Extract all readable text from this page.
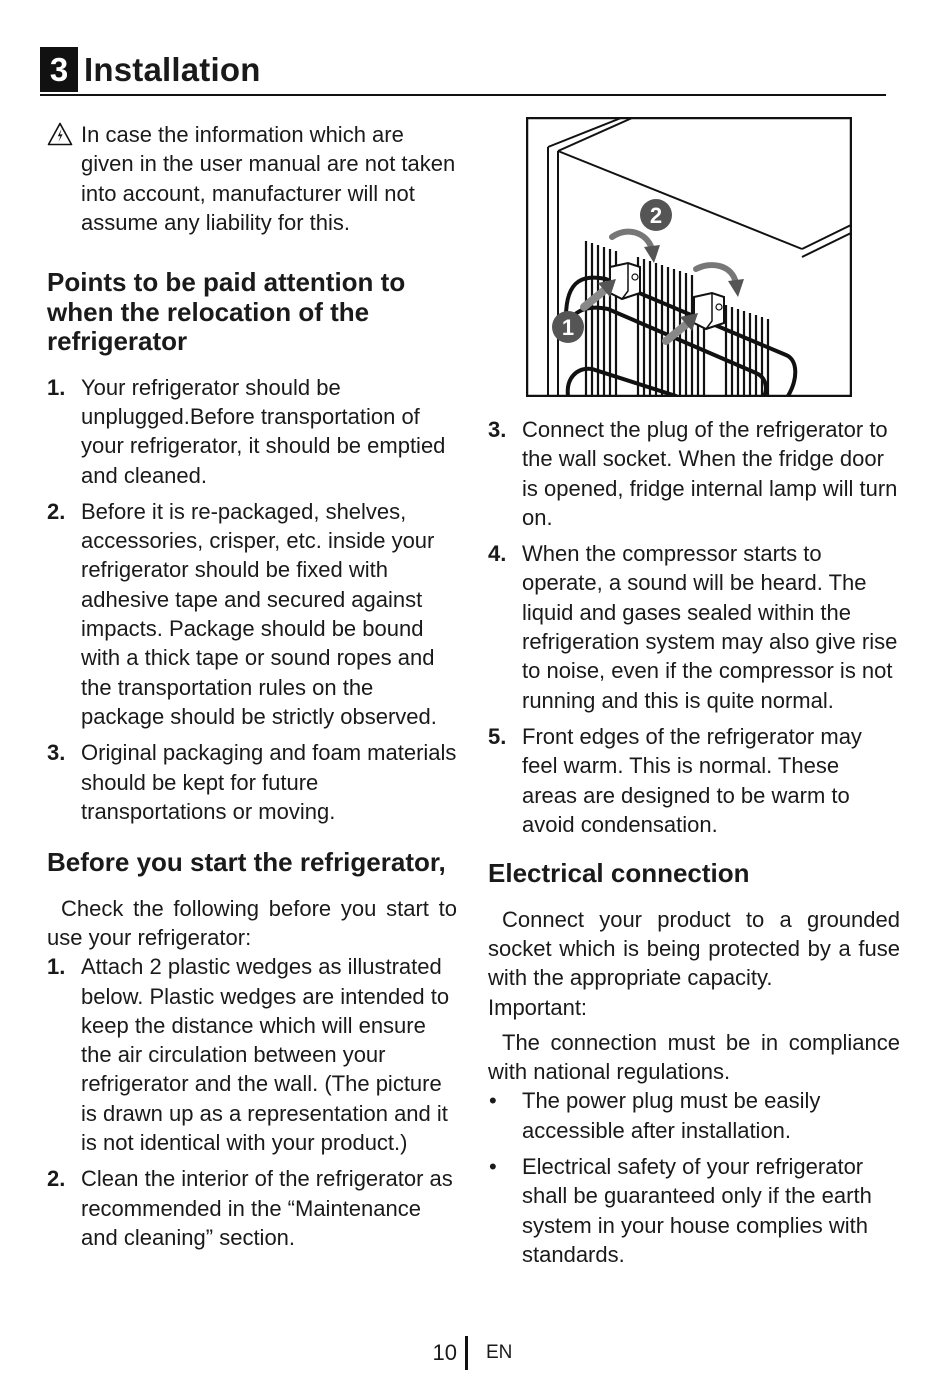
3 Installation
In case the information which are given in the user manual are not taken into account, manufacturer will not assume any liability for this.
Points to be paid attention to when the relocation of the refrigerator
1. Your refrigerator should be unplugged.Before transportation of your refrigerator, it should be emptied and cleaned.
2. Before it is re-packaged, shelves, accessories, crisper, etc. inside your refrigerator should be fixed with adhesive tape and secured against impacts. Package should be bound with a thick tape or sound ropes and the transportation rules on the package should be strictly observed.
3. Original packaging and foam materials should be kept for future transportations or moving.
Before you start the refrigerator,

Check the following before you start to use your refrigerator:

1. Attach 2 plastic wedges as illustrated below. Plastic wedges are intended to keep the distance which will ensure the air circulation between your refrigerator and the wall. (The picture is drawn up as a representation and it is not identical with your product.)
2. Clean the interior of the refrigerator as recommended in the “Maintenance and cleaning” section.
2
1
3. Connect the plug of the refrigerator to the wall socket. When the fridge door is opened, fridge internal lamp will turn on.
4. When the compressor starts to operate, a sound will be heard. The liquid and gases sealed within the refrigeration system may also give rise to noise, even if the compressor is not running and this is quite normal.
5. Front edges of the refrigerator may feel warm. This is normal. These areas are designed to be warm to avoid condensation.
Electrical connection

Connect your product to a grounded socket which is being protected by a fuse with the appropriate capacity.

Important:

The connection must be in compliance with national regulations.

• The power plug must be easily accessible after installation.
• Electrical safety of your refrigerator shall be guaranteed only if the earth system in your house complies with standards.
10 EN
